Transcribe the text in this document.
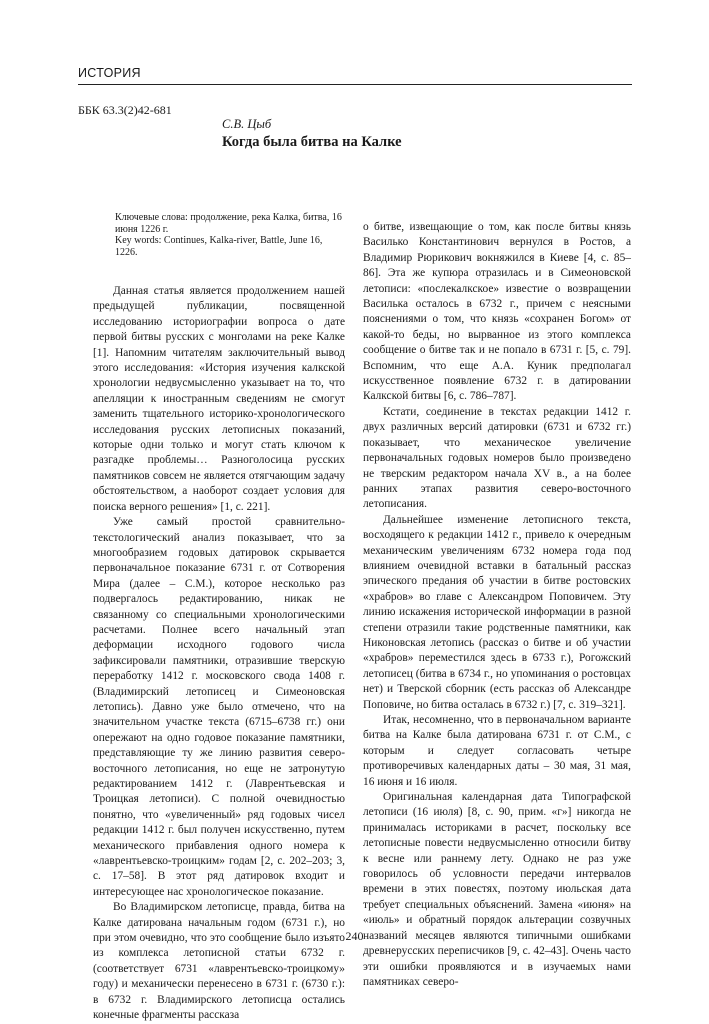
ИСТОРИЯ
ББК 63.3(2)42-681
С.В. Цыб
Когда была битва на Калке

Ключевые слова: продолжение, река Калка, битва, 16 июня 1226 г.

Key words: Continues, Kalka-river, Battle, June 16, 1226.

Данная статья является продолжением нашей предыдущей публикации, посвященной исследованию историографии вопроса о дате первой битвы русских с монголами на реке Калке [1]. Напомним читателям заключительный вывод этого исследования: «История изучения калкской хронологии недвусмысленно указывает на то, что апелляции к иностранным сведениям не смогут заменить тщательного историко-хронологического исследования русских летописных показаний, которые одни только и могут стать ключом к разгадке проблемы… Разноголосица русских памятников совсем не является отягчающим задачу обстоятельством, а наоборот создает условия для поиска верного решения» [1, с. 221].

Уже самый простой сравнительно-текстологический анализ показывает, что за многообразием годовых датировок скрывается первоначальное показание 6731 г. от Сотворения Мира (далее – С.М.), которое несколько раз подвергалось редактированию, никак не связанному со специальными хронологическими расчетами. Полнее всего начальный этап деформации исходного годового числа зафиксировали памятники, отразившие тверскую переработку 1412 г. московского свода 1408 г. (Владимирский летописец и Симеоновская летопись). Давно уже было отмечено, что на значительном участке текста (6715–6738 гг.) они опережают на одно годовое показание памятники, представляющие ту же линию развития северо-восточного летописания, но еще не затронутую редактированием 1412 г. (Лаврентьевская и Троицкая летописи). С полной очевидностью понятно, что «увеличенный» ряд годовых чисел редакции 1412 г. был получен искусственно, путем механического прибавления одного номера к «лаврентьевско-троицким» годам [2, с. 202–203; 3, с. 17–58]. В этот ряд датировок входит и интересующее нас хронологическое показание.

Во Владимирском летописце, правда, битва на Калке датирована начальным годом (6731 г.), но при этом очевидно, что это сообщение было изъято из комплекса летописной статьи 6732 г. (соответствует 6731 «лаврентьевско-троицкому» году) и механически перенесено в 6731 г. (6730 г.): в 6732 г. Владимирского летописца остались конечные фрагменты рассказа

о битве, извещающие о том, как после битвы князь Василько Константинович вернулся в Ростов, а Владимир Рюрикович вокняжился в Киеве [4, с. 85–86]. Эта же купюра отразилась и в Симеоновской летописи: «послекалкское» известие о возвращении Василька осталось в 6732 г., причем с неясными пояснениями о том, что князь «сохранен Богом» от какой-то беды, но вырванное из этого комплекса сообщение о битве так и не попало в 6731 г. [5, с. 79]. Вспомним, что еще А.А. Куник предполагал искусственное появление 6732 г. в датировании Калкской битвы [6, с. 786–787].

Кстати, соединение в текстах редакции 1412 г. двух различных версий датировки (6731 и 6732 гг.) показывает, что механическое увеличение первоначальных годовых номеров было произведено не тверским редактором начала XV в., а на более ранних этапах развития северо-восточного летописания.

Дальнейшее изменение летописного текста, восходящего к редакции 1412 г., привело к очередным механическим увеличениям 6732 номера года под влиянием очевидной вставки в батальный рассказ эпического предания об участии в битве ростовских «храбров» во главе с Александром Поповичем. Эту линию искажения исторической информации в разной степени отразили такие родственные памятники, как Никоновская летопись (рассказ о битве и об участии «храбров» переместился здесь в 6733 г.), Рогожский летописец (битва в 6734 г., но упоминания о ростовцах нет) и Тверской сборник (есть рассказ об Александре Поповиче, но битва осталась в 6732 г.) [7, с. 319–321].

Итак, несомненно, что в первоначальном варианте битва на Калке была датирована 6731 г. от С.М., с которым и следует согласовать четыре противоречивых календарных даты – 30 мая, 31 мая, 16 июня и 16 июля.

Оригинальная календарная дата Типографской летописи (16 июля) [8, с. 90, прим. «г»] никогда не принималась историками в расчет, поскольку все летописные повести недвусмысленно относили битву к весне или раннему лету. Однако не раз уже говорилось об условности передачи интервалов времени в этих повестях, поэтому июльская дата требует специальных объяснений. Замена «июня» на «июль» и обратный порядок альтерации созвучных названий месяцев являются типичными ошибками древнерусских переписчиков [9, с. 42–43]. Очень часто эти ошибки проявляются и в изучаемых нами памятниках северо-

240
